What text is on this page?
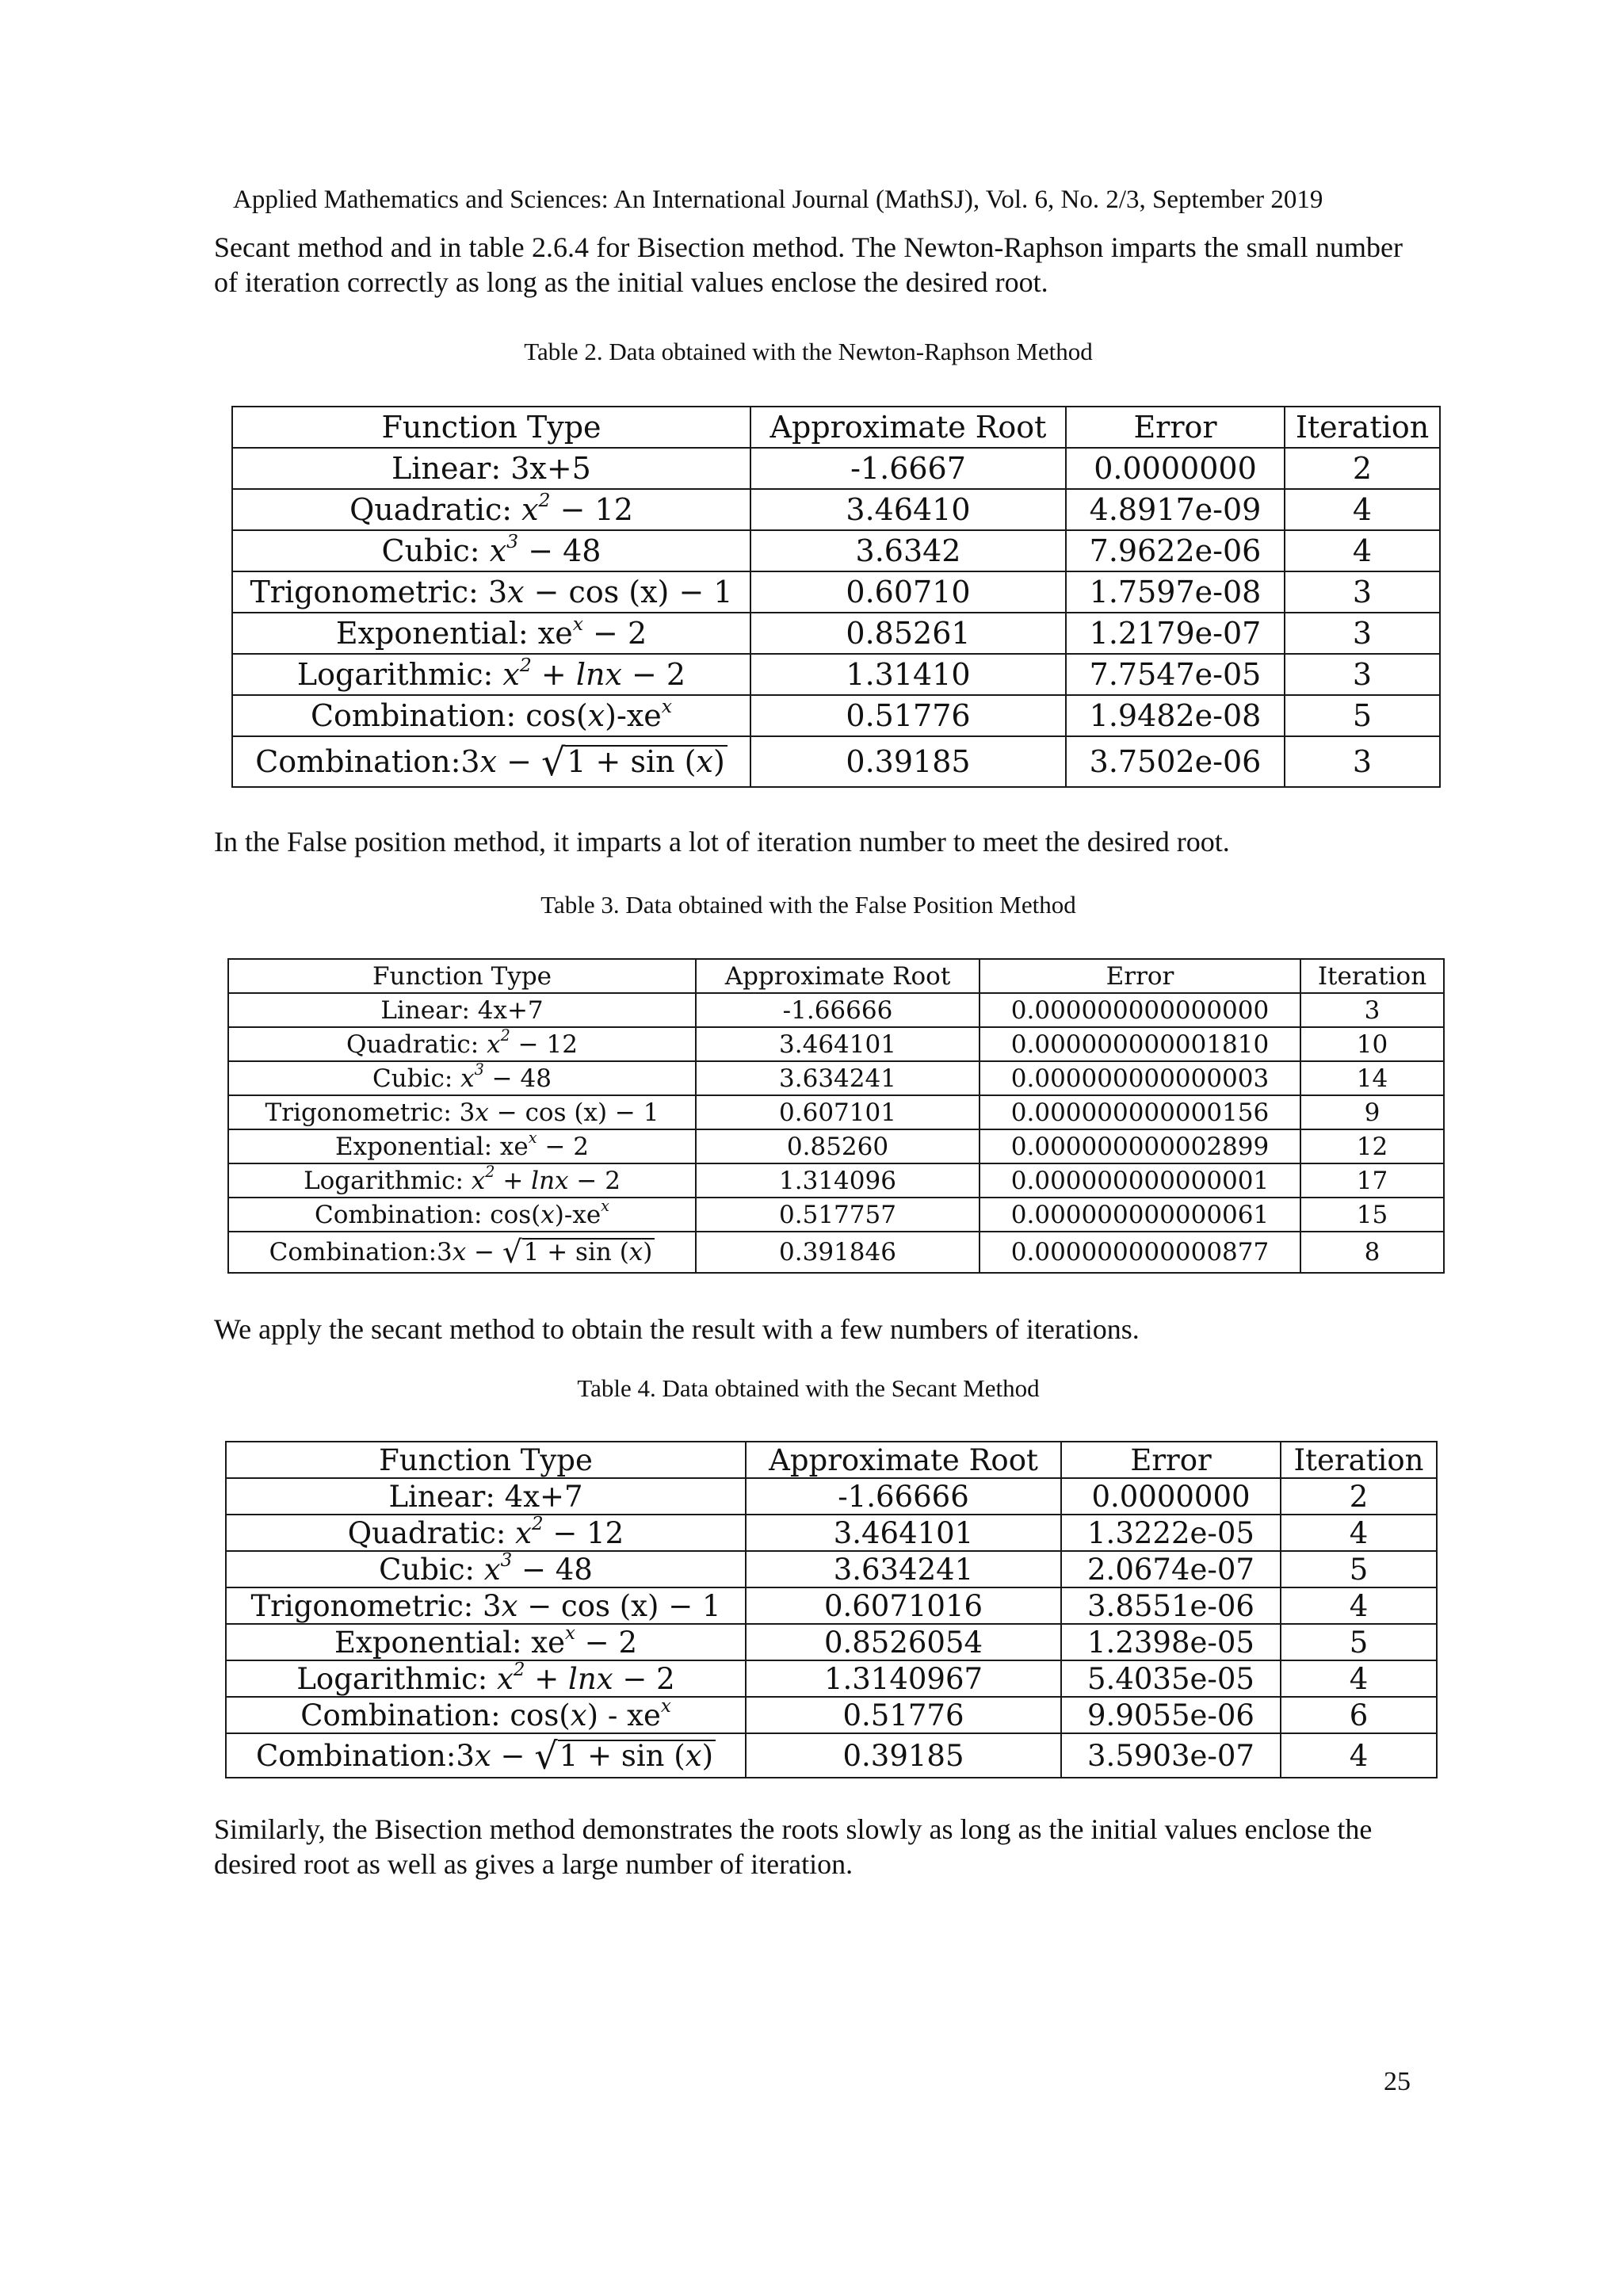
Applied Mathematics and Sciences: An International Journal (MathSJ), Vol. 6, No. 2/3, September 2019
Secant method and in table 2.6.4 for Bisection method. The Newton-Raphson imparts the small number of iteration correctly as long as the initial values enclose the desired root.
Table 2. Data obtained with the Newton-Raphson Method
Function Type	Approximate Root	Error	Iteration
Linear: 3x+5	-1.6667	0.0000000	2
Quadratic: $x^2 - 12$	3.46410	4.8917e-09	4
Cubic: $x^3 - 48$	3.6342	7.9622e-06	4
Trigonometric: 3x − cos (x) − 1	0.60710	1.7597e-08	3
Exponential: $xe^x - 2$	0.85261	1.2179e-07	3
Logarithmic: $x^2 + \ln x - 2$	1.31410	7.7547e-05	3
Combination: $\cos(x)-xe^x$	0.51776	1.9482e-08	5
Combination:3x − √1 + sin (x)	0.39185	3.7502e-06	3
In the False position method, it imparts a lot of iteration number to meet the desired root.
Table 3. Data obtained with the False Position Method
Function Type	Approximate Root	Error	Iteration
Linear: 4x+7	-1.66666	0.000000000000000	3
Quadratic: $x^2 - 12$	3.464101	0.000000000001810	10
Cubic: $x^3 - 48$	3.634241	0.000000000000003	14
Trigonometric: 3x − cos (x) − 1	0.607101	0.000000000000156	9
Exponential: $xe^x - 2$	0.85260	0.000000000002899	12
Logarithmic: $x^2 + \ln x - 2$	1.314096	0.000000000000001	17
Combination: $\cos(x)-xe^x$	0.517757	0.000000000000061	15
Combination:3x − √1 + sin (x)	0.391846	0.000000000000877	8
We apply the secant method to obtain the result with a few numbers of iterations.
Table 4. Data obtained with the Secant Method
Function Type	Approximate Root	Error	Iteration
Linear: 4x+7	-1.66666	0.0000000	2
Quadratic: $x^2 - 12$	3.464101	1.3222e-05	4
Cubic: $x^3 - 48$	3.634241	2.0674e-07	5
Trigonometric: 3x − cos (x) − 1	0.6071016	3.8551e-06	4
Exponential: $xe^x - 2$	0.8526054	1.2398e-05	5
Logarithmic: $x^2 + \ln x - 2$	1.3140967	5.4035e-05	4
Combination: $\cos(x) - xe^x$	0.51776	9.9055e-06	6
Combination:3x − √1 + sin (x)	0.39185	3.5903e-07	4
Similarly, the Bisection method demonstrates the roots slowly as long as the initial values enclose the desired root as well as gives a large number of iteration.
25
